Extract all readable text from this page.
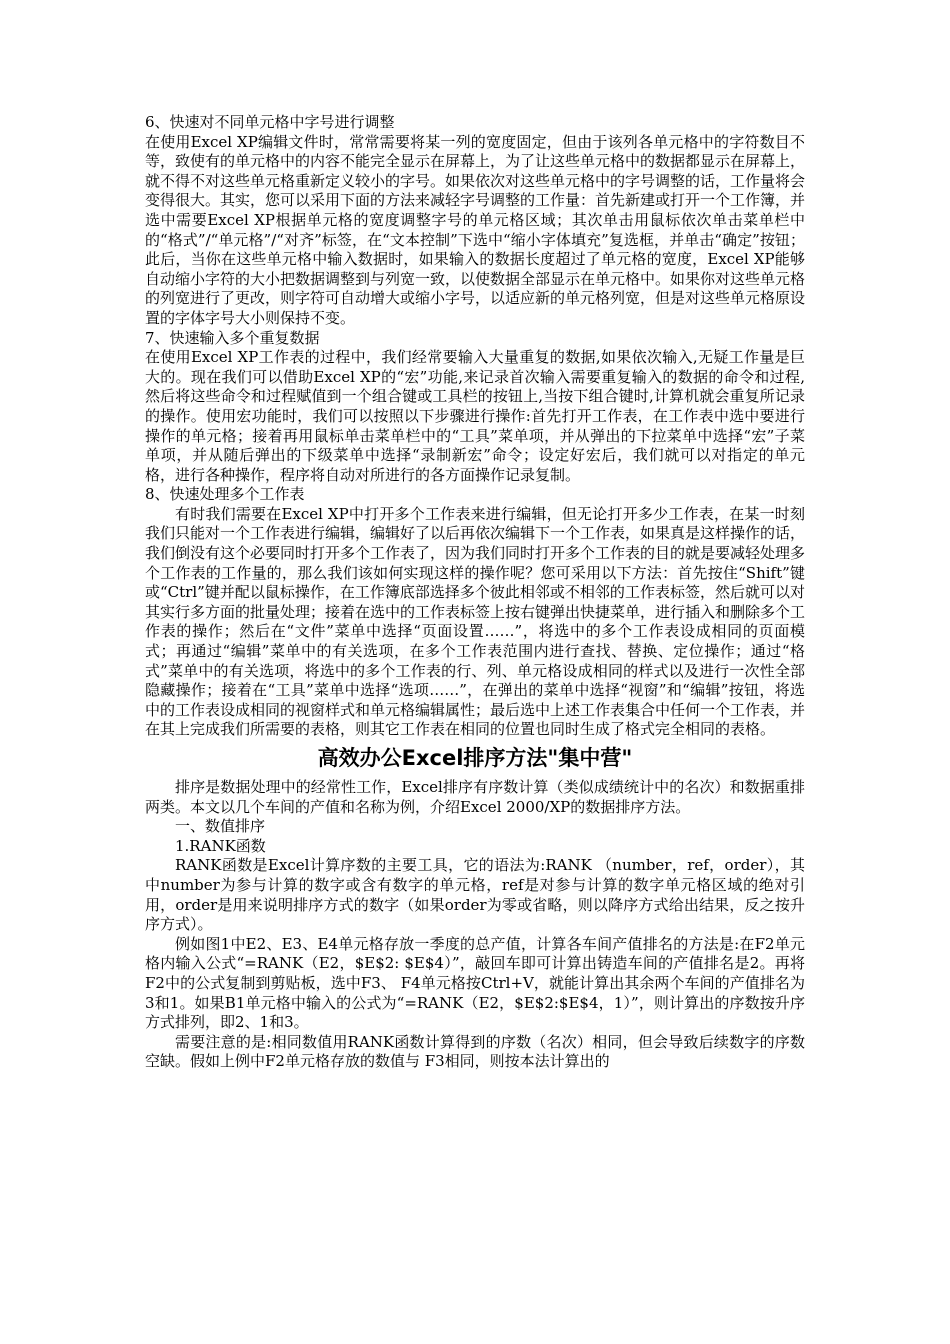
6、快速对不同单元格中字号进行调整

在使用Excel XP编辑文件时，常常需要将某一列的宽度固定，但由于该列各单元格中的字符数目不等，致使有的单元格中的内容不能完全显示在屏幕上，为了让这些单元格中的数据都显示在屏幕上，就不得不对这些单元格重新定义较小的字号。如果依次对这些单元格中的字号调整的话，工作量将会变得很大。其实，您可以采用下面的方法来减轻字号调整的工作量：首先新建或打开一个工作簿，并选中需要Excel XP根据单元格的宽度调整字号的单元格区域；其次单击用鼠标依次单击菜单栏中的“格式”/“单元格”/“对齐”标签，在“文本控制”下选中“缩小字体填充”复选框，并单击“确定”按钮；此后，当你在这些单元格中输入数据时，如果输入的数据长度超过了单元格的宽度，Excel XP能够自动缩小字符的大小把数据调整到与列宽一致，以使数据全部显示在单元格中。如果你对这些单元格的列宽进行了更改，则字符可自动增大或缩小字号，以适应新的单元格列宽，但是对这些单元格原设置的字体字号大小则保持不变。

7、快速输入多个重复数据

在使用Excel XP工作表的过程中，我们经常要输入大量重复的数据,如果依次输入,无疑工作量是巨大的。现在我们可以借助Excel XP的“宏”功能,来记录首次输入需要重复输入的数据的命令和过程,然后将这些命令和过程赋值到一个组合键或工具栏的按钮上,当按下组合键时,计算机就会重复所记录的操作。使用宏功能时，我们可以按照以下步骤进行操作:首先打开工作表，在工作表中选中要进行操作的单元格；接着再用鼠标单击菜单栏中的“工具”菜单项，并从弹出的下拉菜单中选择“宏”子菜单项，并从随后弹出的下级菜单中选择“录制新宏”命令；设定好宏后，我们就可以对指定的单元格，进行各种操作，程序将自动对所进行的各方面操作记录复制。

8、快速处理多个工作表

有时我们需要在Excel XP中打开多个工作表来进行编辑，但无论打开多少工作表，在某一时刻我们只能对一个工作表进行编辑，编辑好了以后再依次编辑下一个工作表，如果真是这样操作的话，我们倒没有这个必要同时打开多个工作表了，因为我们同时打开多个工作表的目的就是要减轻处理多个工作表的工作量的，那么我们该如何实现这样的操作呢？您可采用以下方法：首先按住“Shift”键或“Ctrl”键并配以鼠标操作，在工作簿底部选择多个彼此相邻或不相邻的工作表标签，然后就可以对其实行多方面的批量处理；接着在选中的工作表标签上按右键弹出快捷菜单，进行插入和删除多个工作表的操作；然后在“文件”菜单中选择“页面设置……”，将选中的多个工作表设成相同的页面模式；再通过“编辑”菜单中的有关选项，在多个工作表范围内进行查找、替换、定位操作；通过“格式”菜单中的有关选项，将选中的多个工作表的行、列、单元格设成相同的样式以及进行一次性全部隐藏操作；接着在“工具”菜单中选择“选项……”，在弹出的菜单中选择“视窗”和“编辑”按钮，将选中的工作表设成相同的视窗样式和单元格编辑属性；最后选中上述工作表集合中任何一个工作表，并在其上完成我们所需要的表格，则其它工作表在相同的位置也同时生成了格式完全相同的表格。

高效办公Excel排序方法"集中营"

排序是数据处理中的经常性工作，Excel排序有序数计算（类似成绩统计中的名次）和数据重排两类。本文以几个车间的产值和名称为例，介绍Excel 2000/XP的数据排序方法。

一、数值排序

1.RANK函数

RANK函数是Excel计算序数的主要工具，它的语法为:RANK （number，ref，order），其中number为参与计算的数字或含有数字的单元格，ref是对参与计算的数字单元格区域的绝对引用，order是用来说明排序方式的数字（如果order为零或省略，则以降序方式给出结果，反之按升序方式）。

例如图1中E2、E3、E4单元格存放一季度的总产值，计算各车间产值排名的方法是:在F2单元格内输入公式“=RANK（E2，$E$2: $E$4）”，敲回车即可计算出铸造车间的产值排名是2。再将F2中的公式复制到剪贴板，选中F3、 F4单元格按Ctrl+V，就能计算出其余两个车间的产值排名为3和1。如果B1单元格中输入的公式为“=RANK（E2，$E$2:$E$4，1）”，则计算出的序数按升序方式排列，即2、1和3。

需要注意的是:相同数值用RANK函数计算得到的序数（名次）相同，但会导致后续数字的序数空缺。假如上例中F2单元格存放的数值与 F3相同，则按本法计算出的
